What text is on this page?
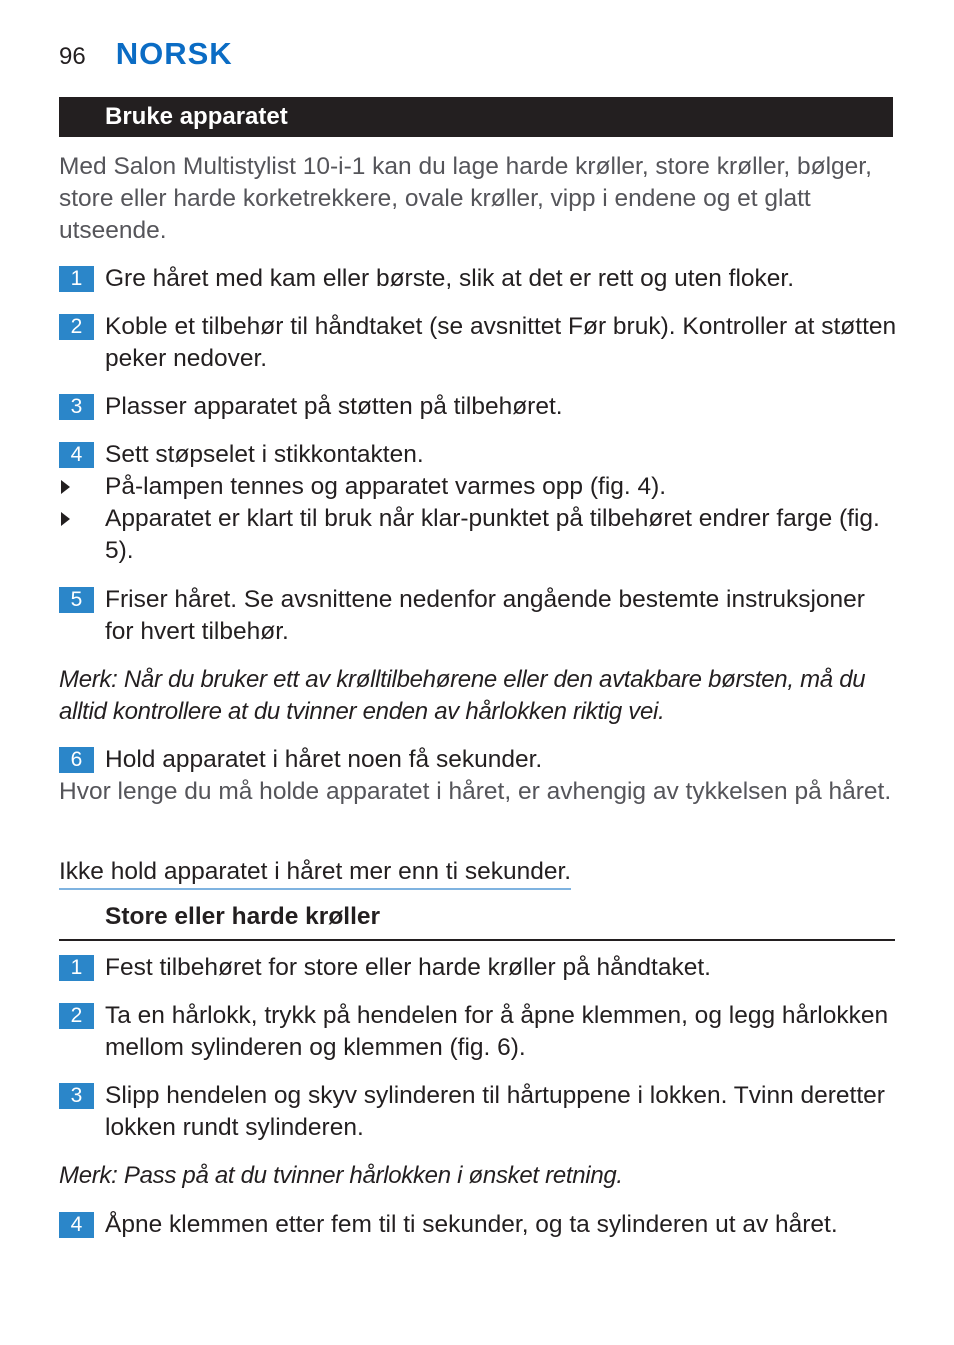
96 NORSK
Bruke apparatet
Med Salon Multistylist 10-i-1 kan du lage harde krøller, store krøller, bølger, store eller harde korketrekkere, ovale krøller, vipp i endene og et glatt utseende.
1 Gre håret med kam eller børste, slik at det er rett og uten floker.
2 Koble et tilbehør til håndtaket (se avsnittet Før bruk). Kontroller at støtten peker nedover.
3 Plasser apparatet på støtten på tilbehøret.
4 Sett støpselet i stikkontakten.
På-lampen tennes og apparatet varmes opp (fig. 4).
Apparatet er klart til bruk når klar-punktet på tilbehøret endrer farge (fig. 5).
5 Friser håret. Se avsnittene nedenfor angående bestemte instruksjoner for hvert tilbehør.
Merk: Når du bruker ett av krølltilbehørene eller den avtakbare børsten, må du alltid kontrollere at du tvinner enden av hårlokken riktig vei.
6 Hold apparatet i håret noen få sekunder.
Hvor lenge du må holde apparatet i håret, er avhengig av tykkelsen på håret.
Ikke hold apparatet i håret mer enn ti sekunder.
Store eller harde krøller
1 Fest tilbehøret for store eller harde krøller på håndtaket.
2 Ta en hårlokk, trykk på hendelen for å åpne klemmen, og legg hårlokken mellom sylinderen og klemmen (fig. 6).
3 Slipp hendelen og skyv sylinderen til hårtuppene i lokken. Tvinn deretter lokken rundt sylinderen.
Merk: Pass på at du tvinner hårlokken i ønsket retning.
4 Åpne klemmen etter fem til ti sekunder, og ta sylinderen ut av håret.
